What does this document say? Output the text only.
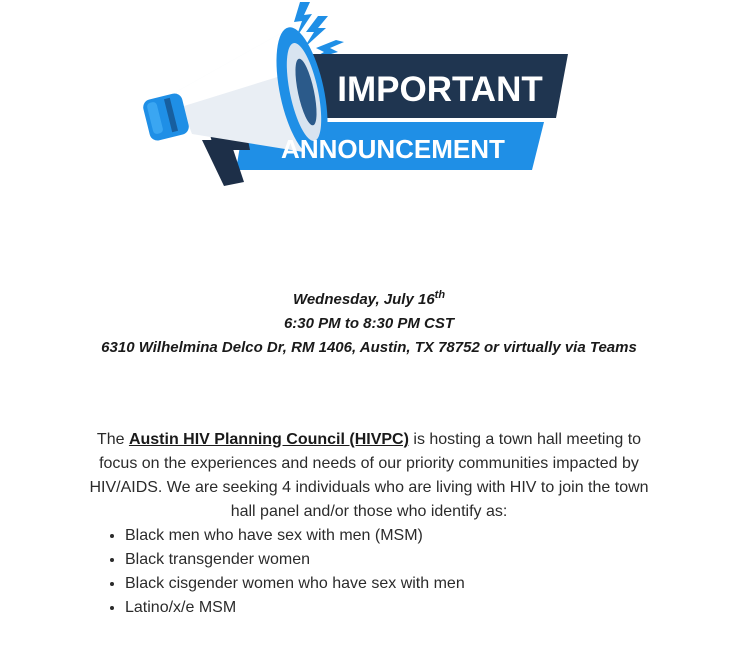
IMPORTANT
ANNOUNCEMENT
Wednesday, July 16th
6:30 PM to 8:30 PM CST
6310 Wilhelmina Delco Dr, RM 1406, Austin, TX 78752 or virtually via Teams

The Austin HIV Planning Council (HIVPC) is hosting a town hall meeting to focus on the experiences and needs of our priority communities impacted by HIV/AIDS. We are seeking 4 individuals who are living with HIV to join the town hall panel and/or those who identify as:

• Black men who have sex with men (MSM)
• Black transgender women
• Black cisgender women who have sex with men
• Latino/x/e MSM
